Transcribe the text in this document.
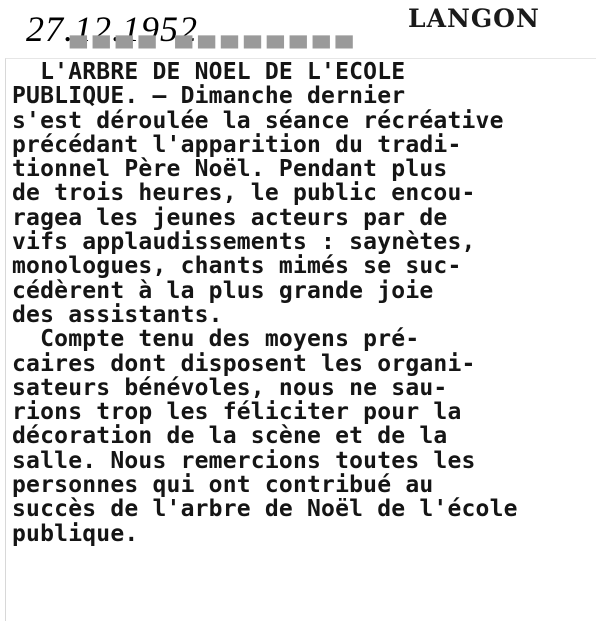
27.12.1952	LANGON
▀▀▀▀ ▀▀▀▀▀▀▀▀
L'ARBRE DE NOEL DE L'ECOLE
PUBLIQUE. — Dimanche dernier
s'est déroulée la séance récréative
précédant l'apparition du tradi-
tionnel Père Noël. Pendant plus
de trois heures, le public encou-
ragea les jeunes acteurs par de
vifs applaudissements : saynètes,
monologues, chants mimés se suc-
cédèrent à la plus grande joie
des assistants.
Compte tenu des moyens pré-
caires dont disposent les organi-
sateurs bénévoles, nous ne sau-
rions trop les féliciter pour la
décoration de la scène et de la
salle. Nous remercions toutes les
personnes qui ont contribué au
succès de l'arbre de Noël de l'école
publique.
